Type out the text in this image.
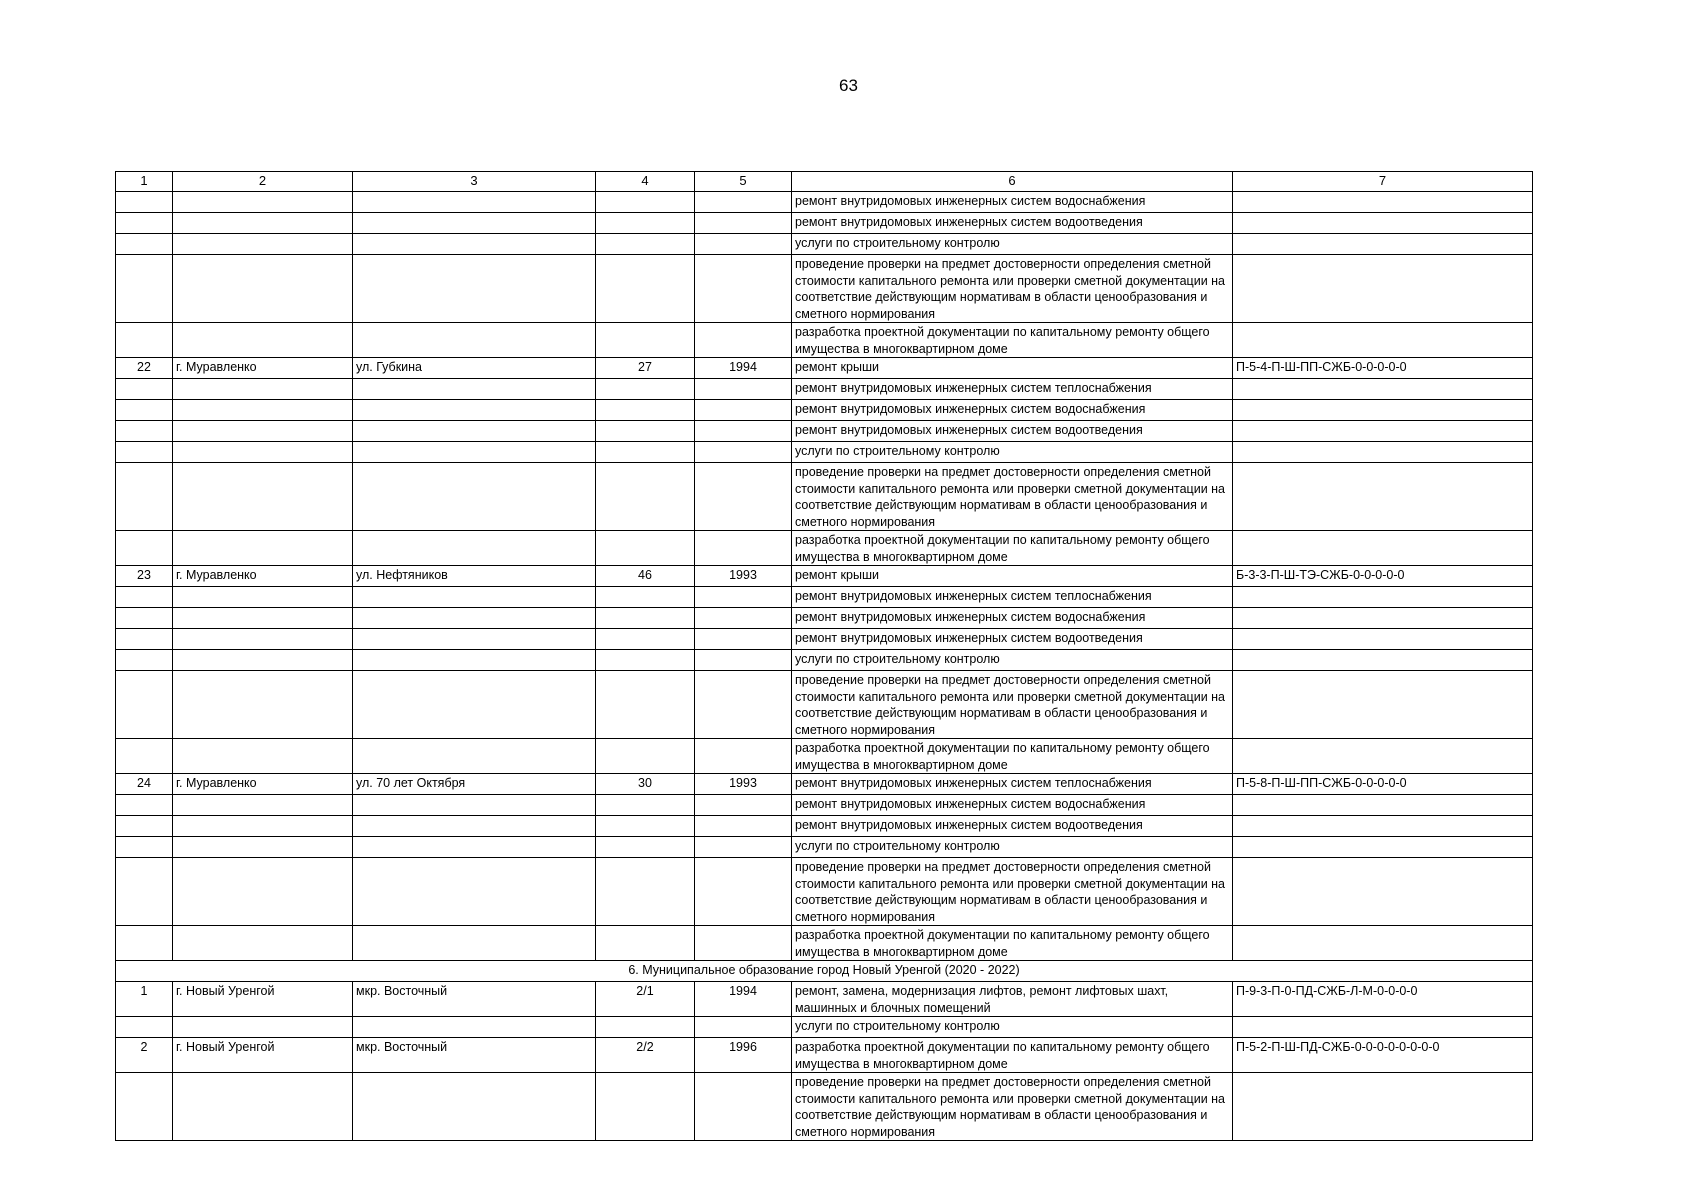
63
1	2	3	4	5	6	7
					ремонт внутридомовых инженерных систем водоснабжения	
					ремонт внутридомовых инженерных систем водоотведения	
					услуги по строительному контролю	
					проведение проверки на предмет достоверности определения сметной стоимости капитального ремонта или проверки сметной документации на соответствие действующим нормативам в области ценообразования и сметного нормирования	
					разработка проектной документации по капитальному ремонту общего имущества в многоквартирном доме	
22	г. Муравленко	ул. Губкина	27	1994	ремонт крыши	П-5-4-П-Ш-ПП-СЖБ-0-0-0-0-0
					ремонт внутридомовых инженерных систем теплоснабжения	
					ремонт внутридомовых инженерных систем водоснабжения	
					ремонт внутридомовых инженерных систем водоотведения	
					услуги по строительному контролю	
					проведение проверки на предмет достоверности определения сметной стоимости капитального ремонта или проверки сметной документации на соответствие действующим нормативам в области ценообразования и сметного нормирования	
					разработка проектной документации по капитальному ремонту общего имущества в многоквартирном доме	
23	г. Муравленко	ул. Нефтяников	46	1993	ремонт крыши	Б-3-3-П-Ш-ТЭ-СЖБ-0-0-0-0-0
					ремонт внутридомовых инженерных систем теплоснабжения	
					ремонт внутридомовых инженерных систем водоснабжения	
					ремонт внутридомовых инженерных систем водоотведения	
					услуги по строительному контролю	
					проведение проверки на предмет достоверности определения сметной стоимости капитального ремонта или проверки сметной документации на соответствие действующим нормативам в области ценообразования и сметного нормирования	
					разработка проектной документации по капитальному ремонту общего имущества в многоквартирном доме	
24	г. Муравленко	ул. 70 лет Октября	30	1993	ремонт внутридомовых инженерных систем теплоснабжения	П-5-8-П-Ш-ПП-СЖБ-0-0-0-0-0
					ремонт внутридомовых инженерных систем водоснабжения	
					ремонт внутридомовых инженерных систем водоотведения	
					услуги по строительному контролю	
					проведение проверки на предмет достоверности определения сметной стоимости капитального ремонта или проверки сметной документации на соответствие действующим нормативам в области ценообразования и сметного нормирования	
					разработка проектной документации по капитальному ремонту общего имущества в многоквартирном доме	
6. Муниципальное образование город Новый Уренгой (2020 - 2022)						
1	г. Новый Уренгой	мкр. Восточный	2/1	1994	ремонт, замена, модернизация лифтов, ремонт лифтовых шахт, машинных и блочных помещений	П-9-3-П-0-ПД-СЖБ-Л-М-0-0-0-0
					услуги по строительному контролю	
2	г. Новый Уренгой	мкр. Восточный	2/2	1996	разработка проектной документации по капитальному ремонту общего имущества в многоквартирном доме	П-5-2-П-Ш-ПД-СЖБ-0-0-0-0-0-0-0-0
					проведение проверки на предмет достоверности определения сметной стоимости капитального ремонта или проверки сметной документации на соответствие действующим нормативам в области ценообразования и сметного нормирования	
